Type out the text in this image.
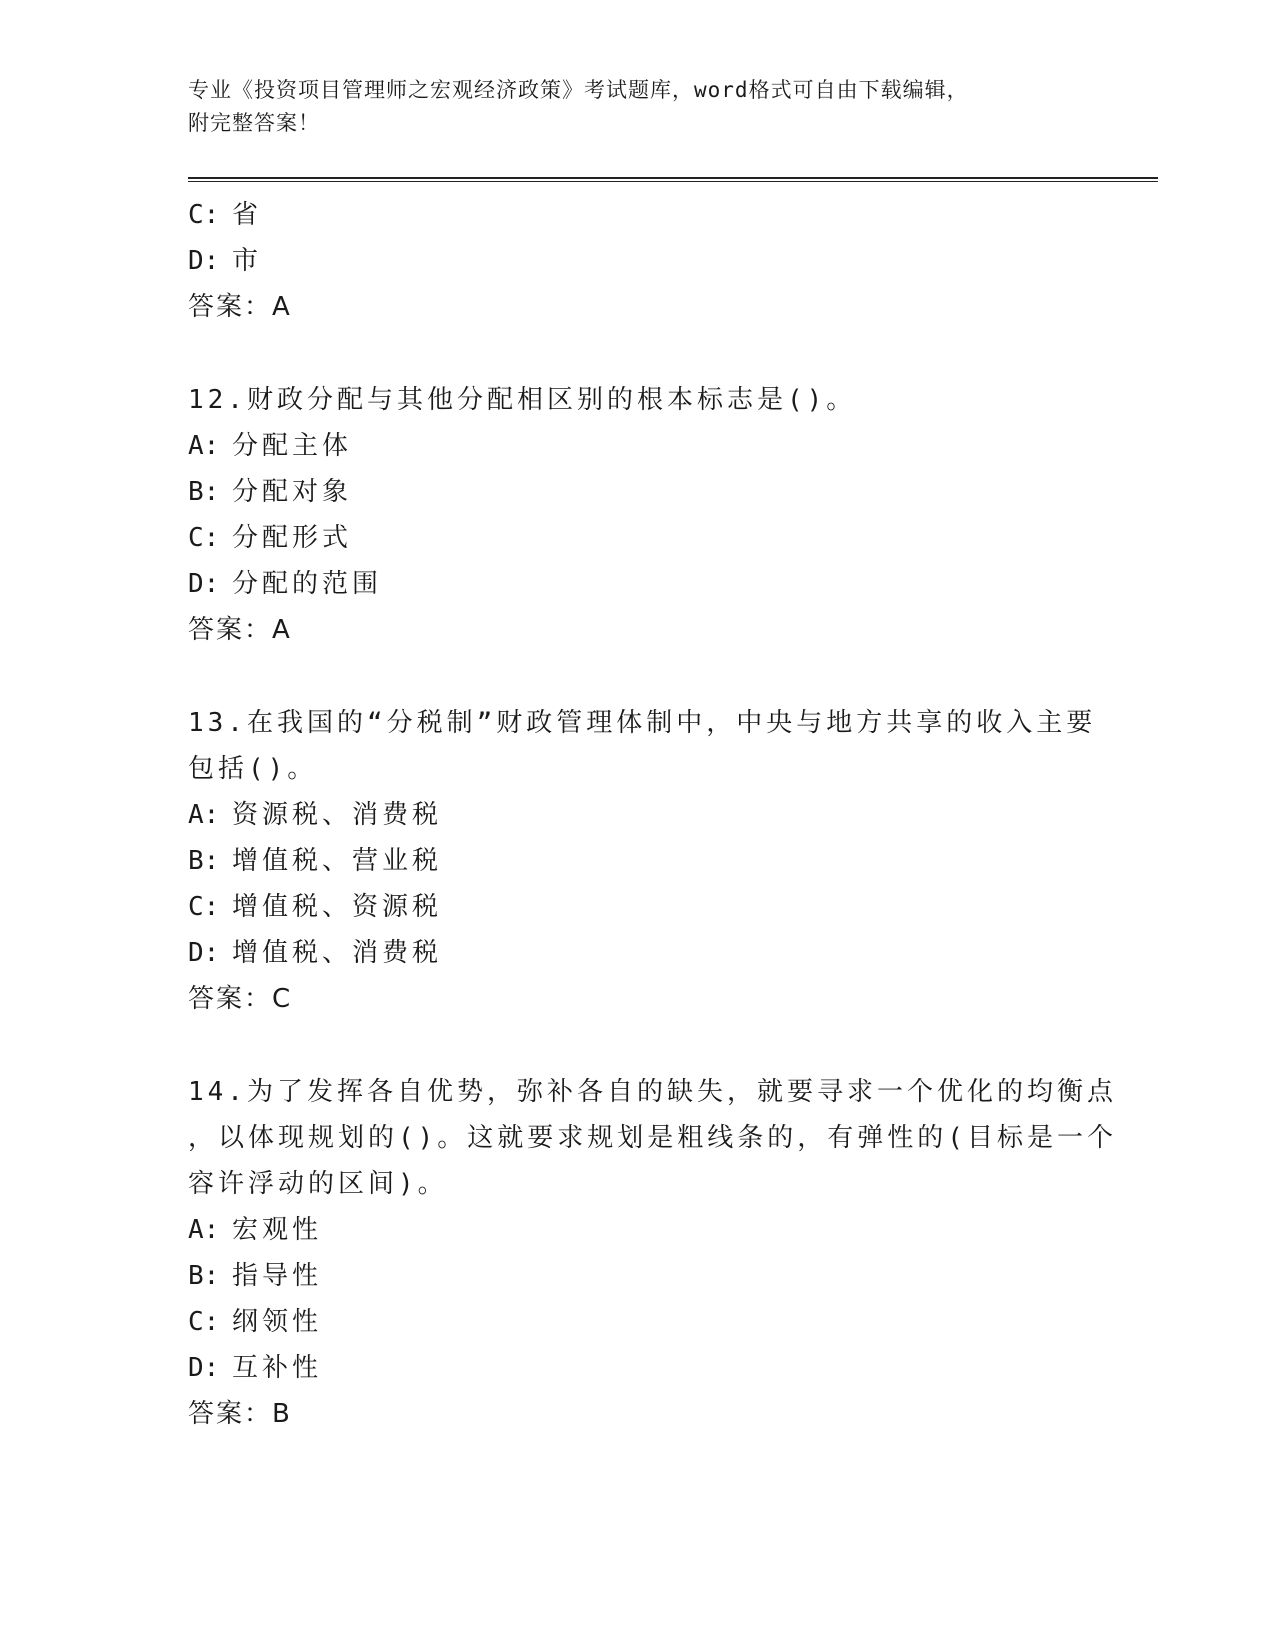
专业《投资项目管理师之宏观经济政策》考试题库，word格式可自由下载编辑，
附完整答案！
C: 省
D: 市
答案：A
12.财政分配与其他分配相区别的根本标志是()。
A: 分配主体
B: 分配对象
C: 分配形式
D: 分配的范围
答案：A
13.在我国的“分税制”财政管理体制中，中央与地方共享的收入主要
包括()。
A: 资源税、消费税
B: 增值税、营业税
C: 增值税、资源税
D: 增值税、消费税
答案：C
14.为了发挥各自优势，弥补各自的缺失，就要寻求一个优化的均衡点
，以体现规划的()。这就要求规划是粗线条的，有弹性的(目标是一个
容许浮动的区间)。
A: 宏观性
B: 指导性
C: 纲领性
D: 互补性
答案：B
